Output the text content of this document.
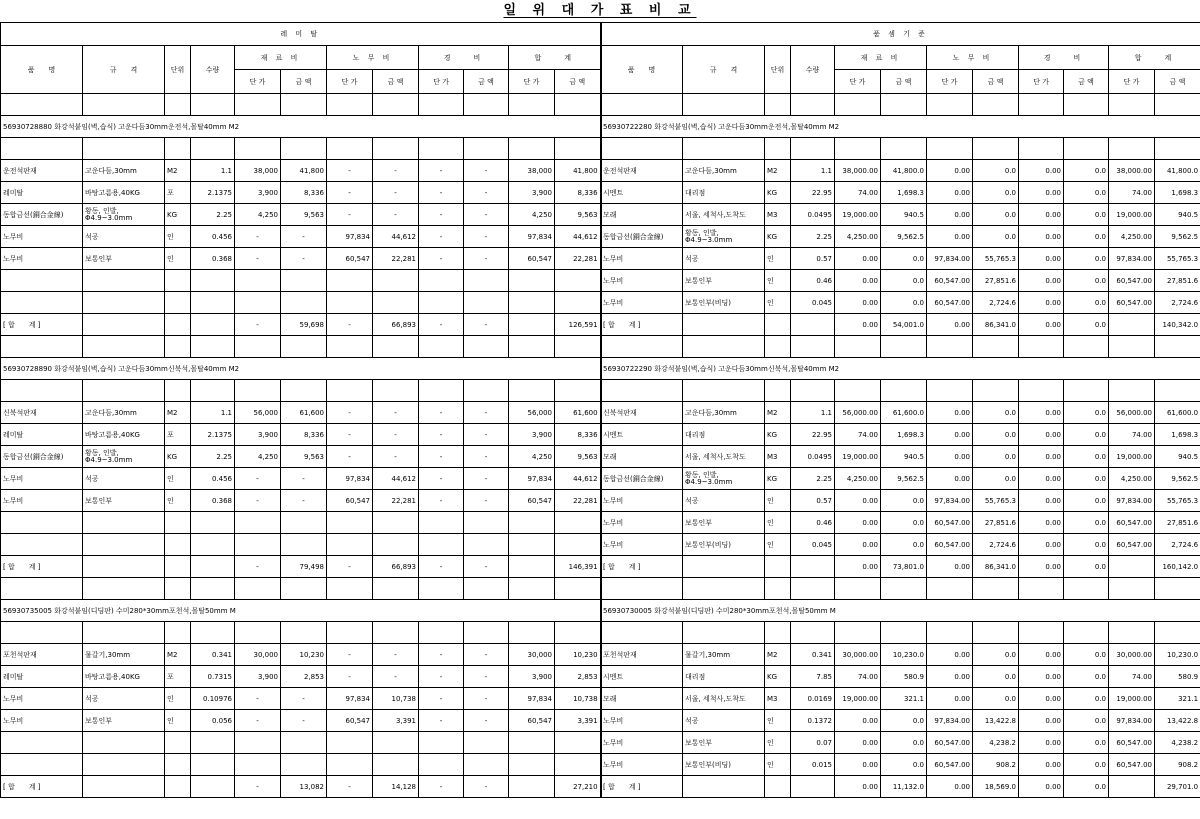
일 위 대 가 표 비 교
레 미 탈											
품　　명	규　　격	단위	수량	재 료 비		노 무 비		경　　비		합　　계	
				단 가	금 액	단 가	금 액	단 가	금 액	단 가	금 액

56930728880 화강석붙임(벽,습식) 고운다듬30mm운전석,몰탈40mm M2											

운전석판재	고운다듬,30mm	M2	1.1	38,000	41,800	-	-	-	-	38,000	41,800
레미탈	바탕고름용,40KG	포	2.1375	3,900	8,336	-	-	-	-	3,900	8,336
동합금선(銅合金線)	황동, 인발, Φ4.9~3.0mm	KG	2.25	4,250	9,563	-	-	-	-	4,250	9,563
노무비	석공	인	0.456	-	-	97,834	44,612	-	-	97,834	44,612
노무비	보통인부	인	0.368	-	-	60,547	22,281	-	-	60,547	22,281

[ 합　　계 ]				-	59,698	-	66,893	-	-		126,591

56930728890 화강석붙임(벽,습식) 고운다듬30mm신북석,몰탈40mm M2											

신북석판재	고운다듬,30mm	M2	1.1	56,000	61,600	-	-	-	-	56,000	61,600
레미탈	바탕고름용,40KG	포	2.1375	3,900	8,336	-	-	-	-	3,900	8,336
동합금선(銅合金線)	황동, 인발, Φ4.9~3.0mm	KG	2.25	4,250	9,563	-	-	-	-	4,250	9,563
노무비	석공	인	0.456	-	-	97,834	44,612	-	-	97,834	44,612
노무비	보통인부	인	0.368	-	-	60,547	22,281	-	-	60,547	22,281

[ 합　　계 ]				-	79,498	-	66,893	-	-		146,391

56930735005 화강석붙임(디딤판) 수미280*30mm포천석,몰탈50mm M											

포천석판재	물갈기,30mm	M2	0.341	30,000	10,230	-	-	-	-	30,000	10,230
레미탈	바탕고름용,40KG	포	0.7315	3,900	2,853	-	-	-	-	3,900	2,853
노무비	석공	인	0.10976	-	-	97,834	10,738	-	-	97,834	10,738
노무비	보통인부	인	0.056	-	-	60,547	3,391	-	-	60,547	3,391

[ 합　　계 ]				-	13,082	-	14,128	-	-		27,210
품 셈 기 준											
품　　명	규　　격	단위	수량	재 료 비		노 무 비		경　　비		합　　계	
				단 가	금 액	단 가	금 액	단 가	금 액	단 가	금 액

56930722280 화강석붙임(벽,습식) 고운다듬30mm운전석,몰탈40mm M2											

운전석판재	고운다듬,30mm	M2	1.1	38,000.00	41,800.0	0.00	0.0	0.00	0.0	38,000.00	41,800.0
시멘트	대리점	KG	22.95	74.00	1,698.3	0.00	0.0	0.00	0.0	74.00	1,698.3
모래	서울, 세척사,도착도	M3	0.0495	19,000.00	940.5	0.00	0.0	0.00	0.0	19,000.00	940.5
동합금선(銅合金線)	황동, 인발, Φ4.9~3.0mm	KG	2.25	4,250.00	9,562.5	0.00	0.0	0.00	0.0	4,250.00	9,562.5
노무비	석공	인	0.57	0.00	0.0	97,834.00	55,765.3	0.00	0.0	97,834.00	55,765.3
노무비	보통인부	인	0.46	0.00	0.0	60,547.00	27,851.6	0.00	0.0	60,547.00	27,851.6
노무비	보통인부(비딩)	인	0.045	0.00	0.0	60,547.00	2,724.6	0.00	0.0	60,547.00	2,724.6
[ 합　　계 ]				0.00	54,001.0	0.00	86,341.0	0.00	0.0		140,342.0

56930722290 화강석붙임(벽,습식) 고운다듬30mm신북석,몰탈40mm M2											

신북석판재	고운다듬,30mm	M2	1.1	56,000.00	61,600.0	0.00	0.0	0.00	0.0	56,000.00	61,600.0
시멘트	대리점	KG	22.95	74.00	1,698.3	0.00	0.0	0.00	0.0	74.00	1,698.3
모래	서울, 세척사,도착도	M3	0.0495	19,000.00	940.5	0.00	0.0	0.00	0.0	19,000.00	940.5
동합금선(銅合金線)	황동, 인발, Φ4.9~3.0mm	KG	2.25	4,250.00	9,562.5	0.00	0.0	0.00	0.0	4,250.00	9,562.5
노무비	석공	인	0.57	0.00	0.0	97,834.00	55,765.3	0.00	0.0	97,834.00	55,765.3
노무비	보통인부	인	0.46	0.00	0.0	60,547.00	27,851.6	0.00	0.0	60,547.00	27,851.6
노무비	보통인부(비딩)	인	0.045	0.00	0.0	60,547.00	2,724.6	0.00	0.0	60,547.00	2,724.6
[ 합　　계 ]				0.00	73,801.0	0.00	86,341.0	0.00	0.0		160,142.0

56930730005 화강석붙임(디딤판) 수미280*30mm포천석,몰탈50mm M											

포천석판재	물갈기,30mm	M2	0.341	30,000.00	10,230.0	0.00	0.0	0.00	0.0	30,000.00	10,230.0
시멘트	대리점	KG	7.85	74.00	580.9	0.00	0.0	0.00	0.0	74.00	580.9
모래	서울, 세척사,도착도	M3	0.0169	19,000.00	321.1	0.00	0.0	0.00	0.0	19,000.00	321.1
노무비	석공	인	0.1372	0.00	0.0	97,834.00	13,422.8	0.00	0.0	97,834.00	13,422.8
노무비	보통인부	인	0.07	0.00	0.0	60,547.00	4,238.2	0.00	0.0	60,547.00	4,238.2
노무비	보통인부(비딩)	인	0.015	0.00	0.0	60,547.00	908.2	0.00	0.0	60,547.00	908.2
[ 합　　계 ]				0.00	11,132.0	0.00	18,569.0	0.00	0.0		29,701.0
